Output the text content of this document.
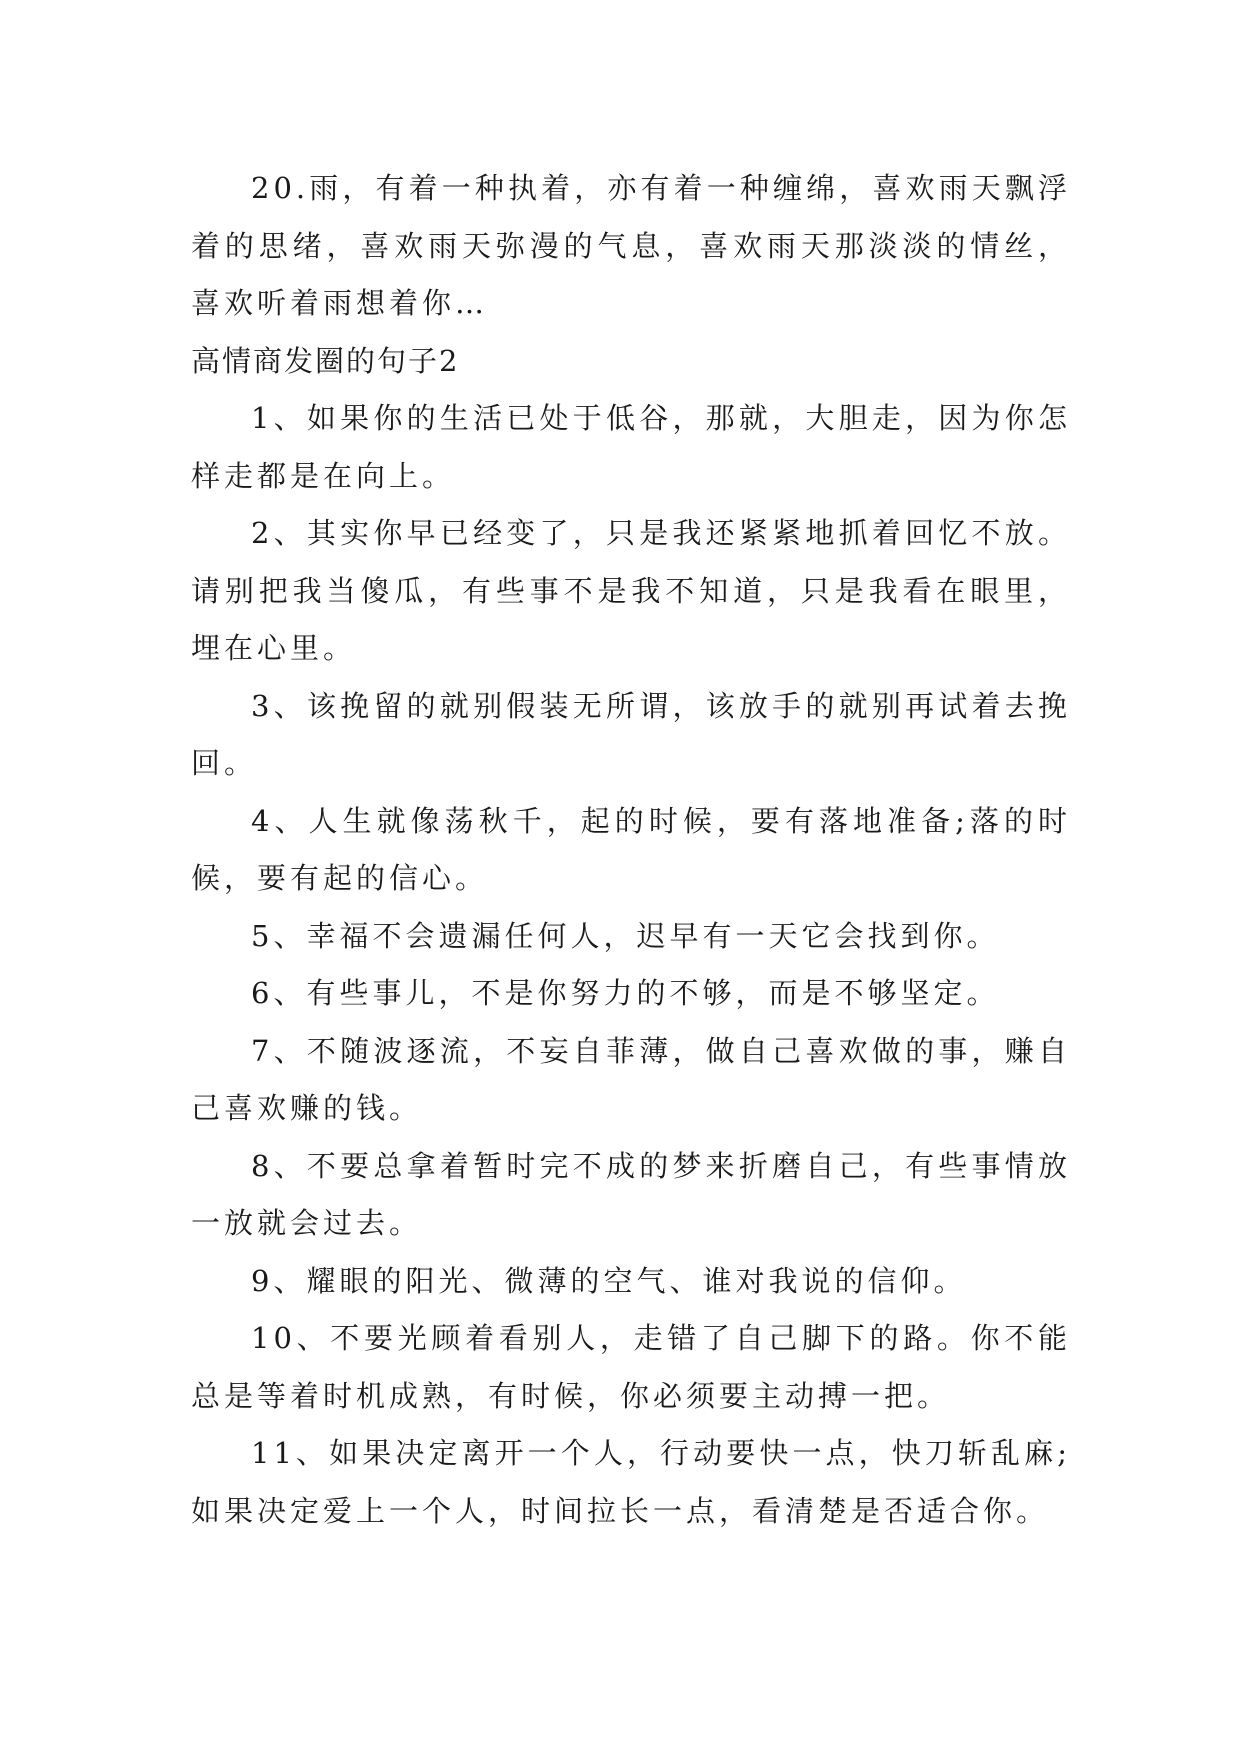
20.雨，有着一种执着，亦有着一种缠绵，喜欢雨天飘浮着的思绪，喜欢雨天弥漫的气息，喜欢雨天那淡淡的情丝，喜欢听着雨想着你…

高情商发圈的句子2

1、如果你的生活已处于低谷，那就，大胆走，因为你怎样走都是在向上。

2、其实你早已经变了，只是我还紧紧地抓着回忆不放。请别把我当傻瓜，有些事不是我不知道，只是我看在眼里，埋在心里。

3、该挽留的就别假装无所谓，该放手的就别再试着去挽回。

4、人生就像荡秋千，起的时候，要有落地准备;落的时候，要有起的信心。

5、幸福不会遗漏任何人，迟早有一天它会找到你。

6、有些事儿，不是你努力的不够，而是不够坚定。

7、不随波逐流，不妄自菲薄，做自己喜欢做的事，赚自己喜欢赚的钱。

8、不要总拿着暂时完不成的梦来折磨自己，有些事情放一放就会过去。

9、耀眼的阳光、微薄的空气、谁对我说的信仰。

10、不要光顾着看别人，走错了自己脚下的路。你不能总是等着时机成熟，有时候，你必须要主动搏一把。

11、如果决定离开一个人，行动要快一点，快刀斩乱麻;如果决定爱上一个人，时间拉长一点，看清楚是否适合你。
